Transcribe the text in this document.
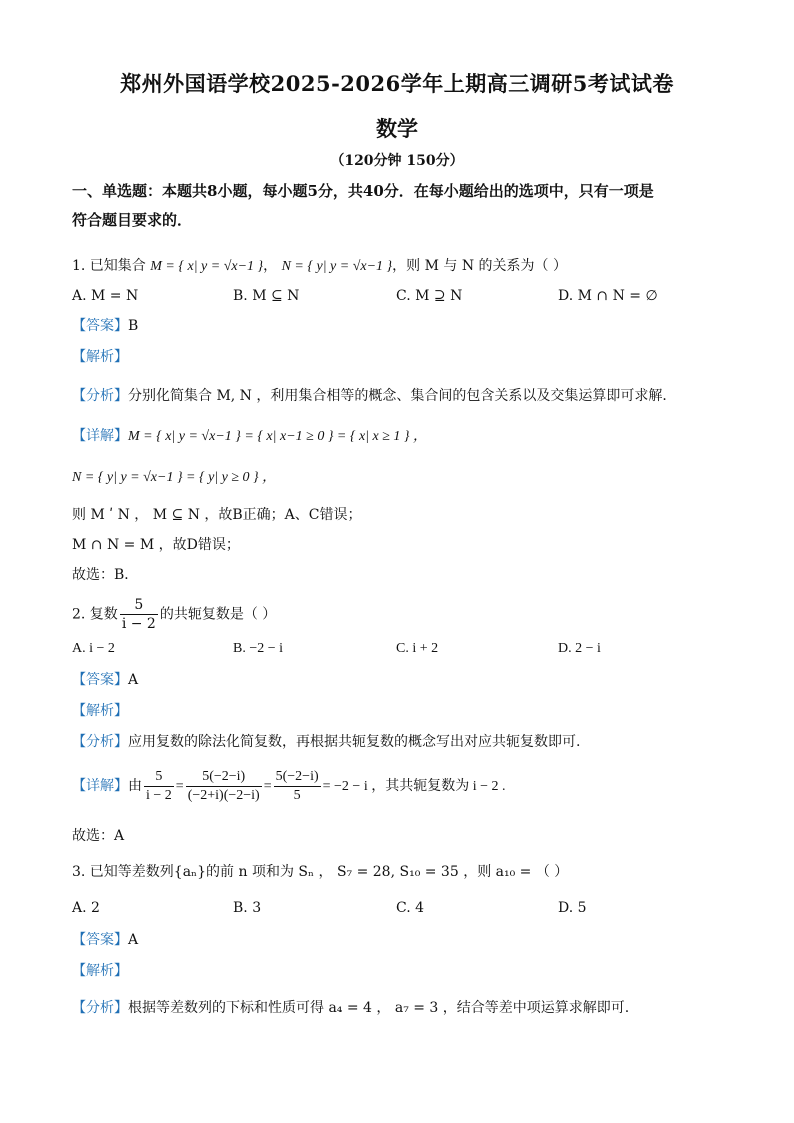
郑州外国语学校2025-2026学年上期高三调研5考试试卷
数学
（120分钟 150分）
一、单选题：本题共8小题，每小题5分，共40分．在每小题给出的选项中，只有一项是
符合题目要求的．
1. 已知集合 M = { x| y = √x−1 }， N = { y| y = √x−1 }，则 M 与 N 的关系为（ ）
A. M = N	B. M ⊆ N	C. M ⊇ N	D. M ∩ N = ∅
【答案】B
【解析】
【分析】分别化简集合 M, N ，利用集合相等的概念、集合间的包含关系以及交集运算即可求解．
【详解】M = { x| y = √x−1 } = { x| x−1 ≥ 0 } = { x| x ≥ 1 } ，
N = { y| y = √x−1 } = { y| y ≥ 0 } ，
则 M ʹ N ， M ⊆ N ，故B正确；A、C错误；
M ∩ N = M ，故D错误；
故选：B．
2. 复数 $\frac{5}{i - 2}$ 的共轭复数是（ ）
A. i − 2	B. −2 − i	C. i + 2	D. 2 − i
【答案】A
【解析】
【分析】应用复数的除法化简复数，再根据共轭复数的概念写出对应共轭复数即可.
【详解】由 $\frac{5}{i - 2} = \frac{5(-2-i)}{(-2+i)(-2-i)} = \frac{5(-2-i)}{5} = -2 - i$ ，其共轭复数为 i − 2 .
故选：A
3. 已知等差数列{aₙ}的前 n 项和为 Sₙ ， S₇ = 28, S₁₀ = 35 ，则 a₁₀ = （ ）
A. 2	B. 3	C. 4	D. 5
【答案】A
【解析】
【分析】根据等差数列的下标和性质可得 a₄ = 4 ， a₇ = 3 ，结合等差中项运算求解即可.
